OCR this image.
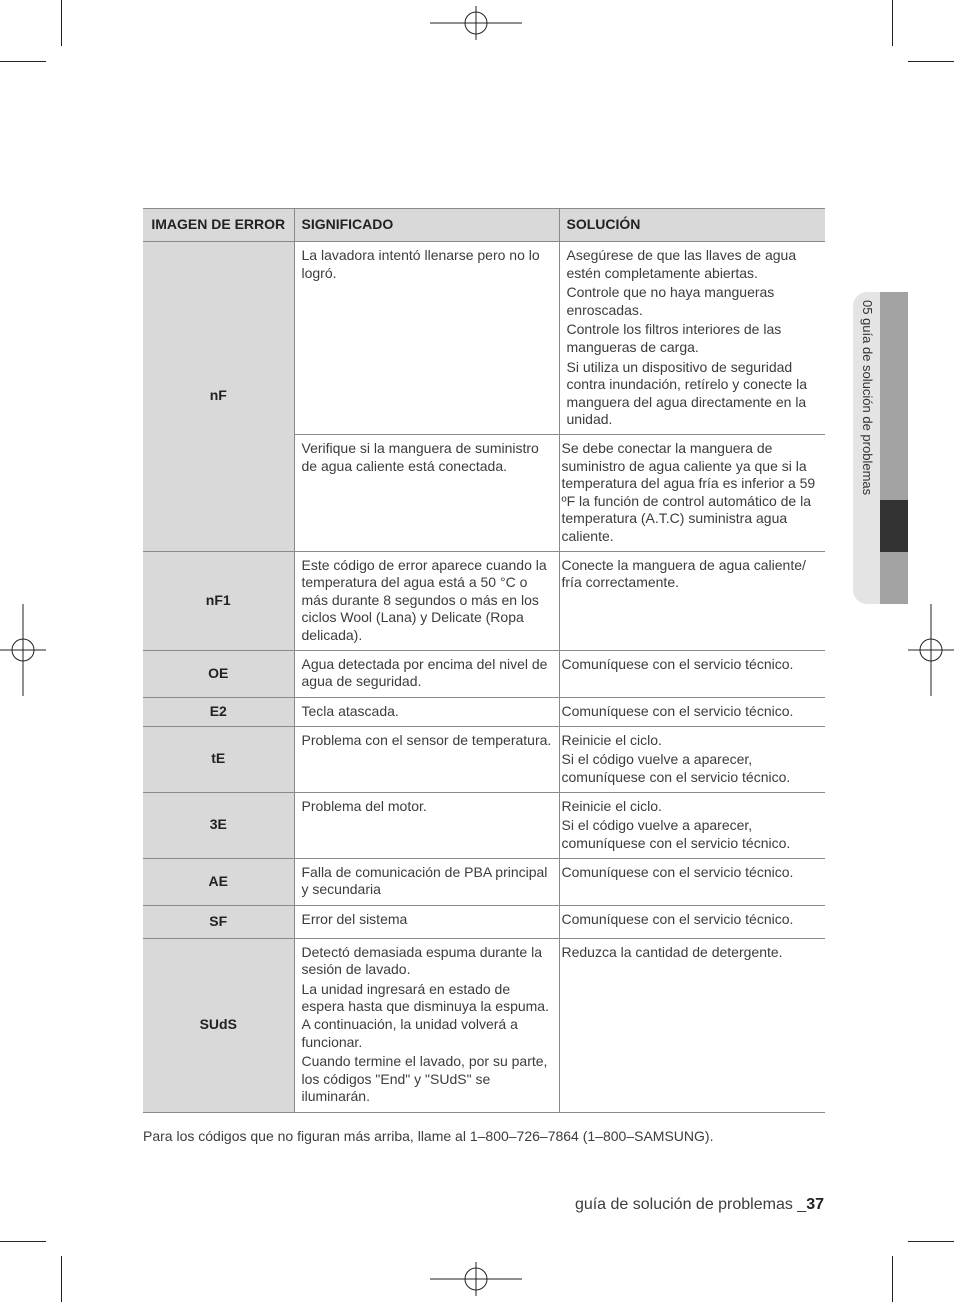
05 guía de solución de problemas
IMAGEN DE ERROR	SIGNIFICADO	SOLUCIÓN
nF	La lavadora intentó llenarse pero no lo logró.	Asegúrese de que las llaves de agua estén completamente abiertas.

Controle que no haya mangueras enroscadas.

Controle los filtros interiores de las mangueras de carga.

Si utiliza un dispositivo de seguridad contra inundación, retírelo y conecte la manguera del agua directamente en la unidad.

	Verifique si la manguera de suministro de agua caliente está conectada.	Se debe conectar la manguera de suministro de agua caliente ya que si la temperatura del agua fría es inferior a 59 ºF la función de control automático de la temperatura (A.T.C) suministra agua caliente.
nF1	Este código de error aparece cuando la temperatura del agua está a 50 °C o más durante 8 segundos o más en los ciclos Wool (Lana) y Delicate (Ropa delicada).	Conecte la manguera de agua caliente/ fría correctamente.
OE	Agua detectada por encima del nivel de agua de seguridad.	Comuníquese con el servicio técnico.
E2	Tecla atascada.	Comuníquese con el servicio técnico.
tE	Problema con el sensor de temperatura.	Reinicie el ciclo.

Si el código vuelve a aparecer, comuníquese con el servicio técnico.

3E	Problema del motor.	Reinicie el ciclo.

Si el código vuelve a aparecer, comuníquese con el servicio técnico.

AE	Falla de comunicación de PBA principal y secundaria	Comuníquese con el servicio técnico.
SF	Error del sistema	Comuníquese con el servicio técnico.
SUdS	Detectó demasiada espuma durante la sesión de lavado.

La unidad ingresará en estado de espera hasta que disminuya la espuma. A continuación, la unidad volverá a funcionar.

Cuando termine el lavado, por su parte, los códigos "End" y "SUdS" se iluminarán.	Reduzca la cantidad de detergente.
Para los códigos que no figuran más arriba, llame al 1–800–726–7864 (1–800–SAMSUNG).
guía de solución de problemas _37
